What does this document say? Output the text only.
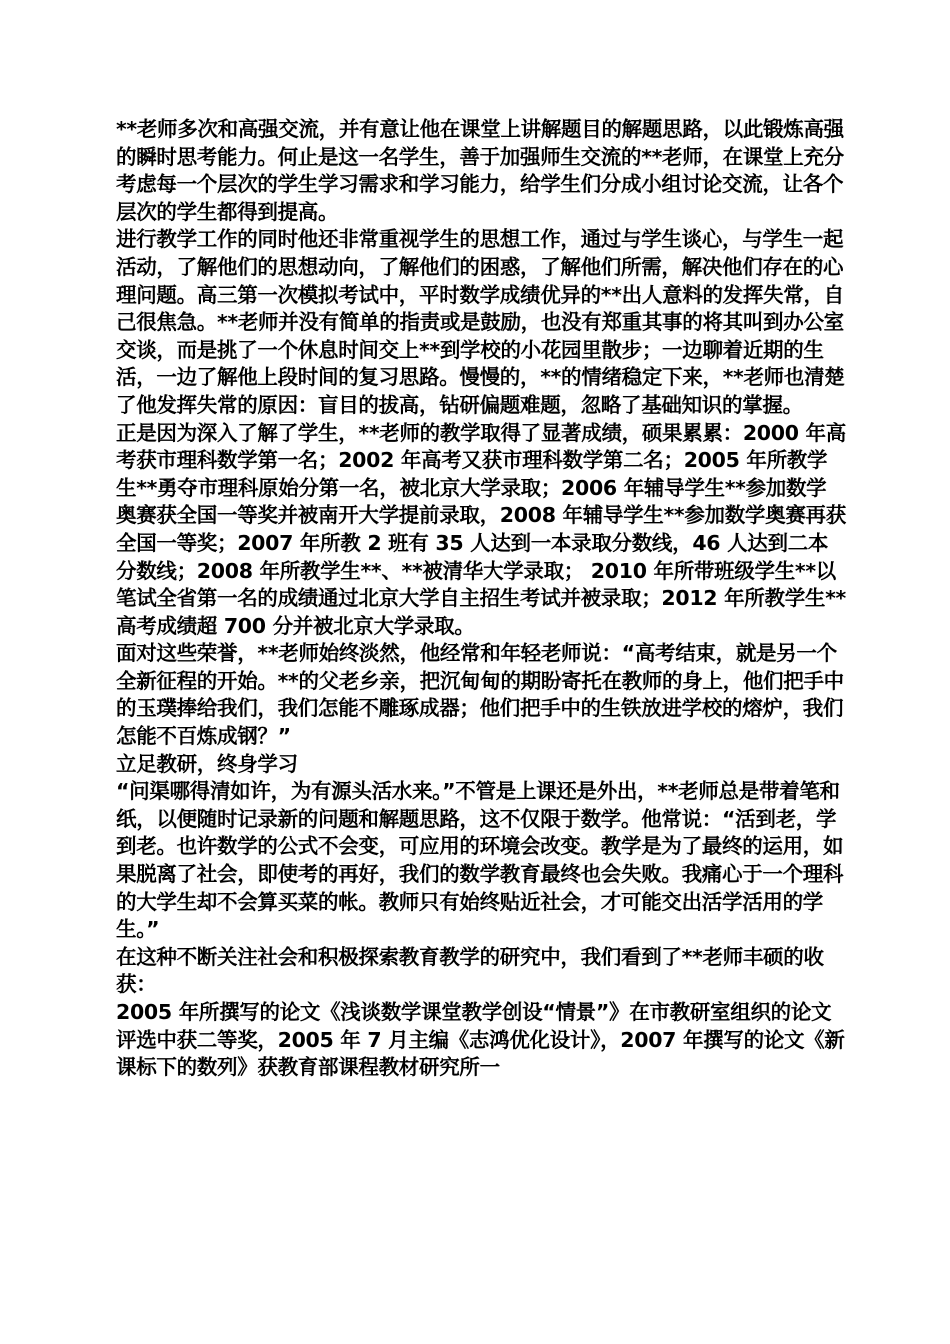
**老师多次和高强交流，并有意让他在课堂上讲解题目的解题思路，以此锻炼高强的瞬时思考能力。何止是这一名学生，善于加强师生交流的**老师，在课堂上充分考虑每一个层次的学生学习需求和学习能力，给学生们分成小组讨论交流，让各个层次的学生都得到提高。

进行教学工作的同时他还非常重视学生的思想工作，通过与学生谈心，与学生一起活动，了解他们的思想动向，了解他们的困惑，了解他们所需，解决他们存在的心理问题。高三第一次模拟考试中，平时数学成绩优异的**出人意料的发挥失常，自己很焦急。**老师并没有简单的指责或是鼓励，也没有郑重其事的将其叫到办公室交谈，而是挑了一个休息时间交上**到学校的小花园里散步；一边聊着近期的生活，一边了解他上段时间的复习思路。慢慢的，**的情绪稳定下来，**老师也清楚了他发挥失常的原因：盲目的拔高，钻研偏题难题，忽略了基础知识的掌握。

正是因为深入了解了学生，**老师的教学取得了显著成绩，硕果累累：2000 年高考获市理科数学第一名；2002 年高考又获市理科数学第二名；2005 年所教学生**勇夺市理科原始分第一名，被北京大学录取；2006 年辅导学生**参加数学奥赛获全国一等奖并被南开大学提前录取，2008 年辅导学生**参加数学奥赛再获全国一等奖；2007 年所教 2 班有 35 人达到一本录取分数线，46 人达到二本分数线；2008 年所教学生**、**被清华大学录取； 2010 年所带班级学生**以笔试全省第一名的成绩通过北京大学自主招生考试并被录取；2012 年所教学生**高考成绩超 700 分并被北京大学录取。

面对这些荣誉，**老师始终淡然，他经常和年轻老师说：“高考结束，就是另一个全新征程的开始。**的父老乡亲，把沉甸甸的期盼寄托在教师的身上，他们把手中的玉璞捧给我们，我们怎能不雕琢成器；他们把手中的生铁放进学校的熔炉，我们怎能不百炼成钢？”

立足教研，终身学习

“问渠哪得清如许，为有源头活水来。”不管是上课还是外出，**老师总是带着笔和纸，以便随时记录新的问题和解题思路，这不仅限于数学。他常说：“活到老，学到老。也许数学的公式不会变，可应用的环境会改变。教学是为了最终的运用，如果脱离了社会，即使考的再好，我们的数学教育最终也会失败。我痛心于一个理科的大学生却不会算买菜的帐。教师只有始终贴近社会，才可能交出活学活用的学生。”

在这种不断关注社会和积极探索教育教学的研究中，我们看到了**老师丰硕的收获：

2005 年所撰写的论文《浅谈数学课堂教学创设“情景”》在市教研室组织的论文评选中获二等奖，2005 年 7 月主编《志鸿优化设计》，2007 年撰写的论文《新课标下的数列》获教育部课程教材研究所一
